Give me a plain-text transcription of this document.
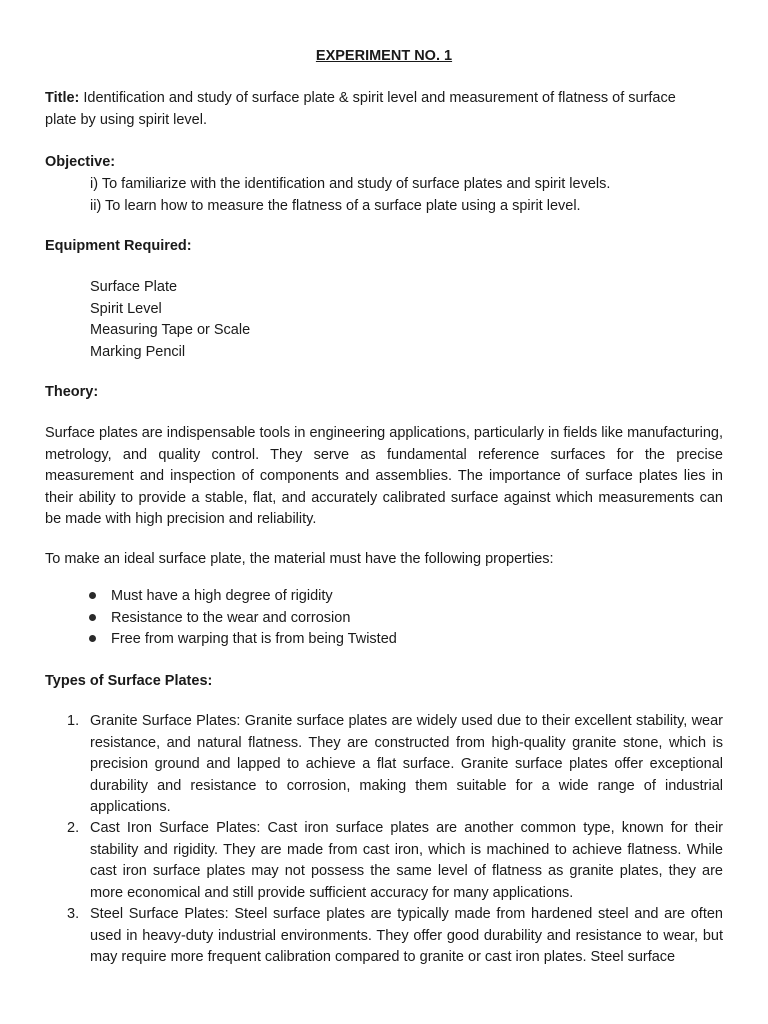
EXPERIMENT NO. 1
Title: Identification and study of surface plate & spirit level and measurement of flatness of surface
plate by using spirit level.
Objective:
i) To familiarize with the identification and study of surface plates and spirit levels.
ii) To learn how to measure the flatness of a surface plate using a spirit level.
Equipment Required:
Surface Plate
Spirit Level
Measuring Tape or Scale
Marking Pencil
Theory:
Surface plates are indispensable tools in engineering applications, particularly in fields like manufacturing, metrology, and quality control. They serve as fundamental reference surfaces for the precise measurement and inspection of components and assemblies. The importance of surface plates lies in their ability to provide a stable, flat, and accurately calibrated surface against which measurements can be made with high precision and reliability.
To make an ideal surface plate, the material must have the following properties:
Must have a high degree of rigidity
Resistance to the wear and corrosion
Free from warping that is from being Twisted
Types of Surface Plates:
1. Granite Surface Plates: Granite surface plates are widely used due to their excellent stability, wear resistance, and natural flatness. They are constructed from high-quality granite stone, which is precision ground and lapped to achieve a flat surface. Granite surface plates offer exceptional durability and resistance to corrosion, making them suitable for a wide range of industrial applications.
2. Cast Iron Surface Plates: Cast iron surface plates are another common type, known for their stability and rigidity. They are made from cast iron, which is machined to achieve flatness. While cast iron surface plates may not possess the same level of flatness as granite plates, they are more economical and still provide sufficient accuracy for many applications.
3. Steel Surface Plates: Steel surface plates are typically made from hardened steel and are often used in heavy-duty industrial environments. They offer good durability and resistance to wear, but may require more frequent calibration compared to granite or cast iron plates. Steel surface
